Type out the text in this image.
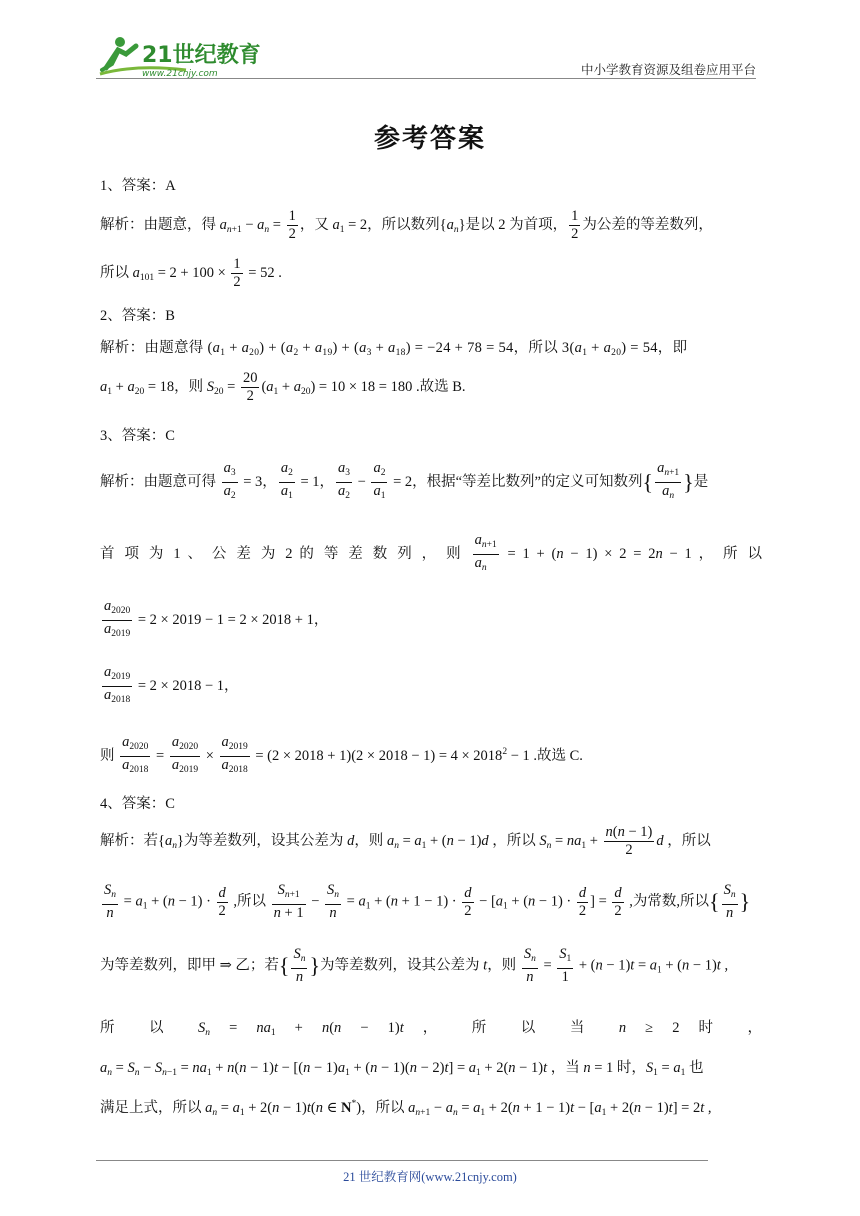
21世纪教育
www.21cnjy.com	中小学教育资源及组卷应用平台
参考答案
1、答案：A
解析：由题意，得 $a_{n+1} - a_n = \frac{1}{2}$ ，又 $a_1 = 2$，所以数列$\{a_n\}$是以 2 为首项， $\frac{1}{2}$ 为公差的等差数列，
所以 $a_{101} = 2 + 100 \times \frac{1}{2} = 52$ .
2、答案：B
解析：由题意得 $(a_1 + a_{20}) + (a_2 + a_{19}) + (a_3 + a_{18}) = -24 + 78 = 54$，所以 $3(a_1 + a_{20}) = 54$，即
$a_1 + a_{20} = 18$，则 $S_{20} = \frac{20}{2} (a_1 + a_{20}) = 10 \times 18 = 180$ .故选 B.
3、答案：C
解析：由题意可得 $\frac{a_3}{a_2} = 3$， $\frac{a_2}{a_1} = 1$， $\frac{a_3}{a_2} - \frac{a_2}{a_1} = 2$，根据“等差比数列”的定义可知数列{ $\frac{a_{n+1}}{a_n}$ }是
首 项 为 1 、 公 差 为 2 的 等 差 数 列 ， 则 $\frac{a_{n+1}}{a_n} = 1 + (n - 1) \times 2 = 2n - 1$ ， 所 以
$\frac{a_{2020}}{a_{2019}} = 2 \times 2019 - 1 = 2 \times 2018 + 1$，
$\frac{a_{2019}}{a_{2018}} = 2 \times 2018 - 1$，
则 $\frac{a_{2020}}{a_{2018}} = \frac{a_{2020}}{a_{2019}} \times \frac{a_{2019}}{a_{2018}} = (2 \times 2018 + 1)(2 \times 2018 - 1) = 4 \times 2018^2 - 1$ .故选 C.
4、答案：C
解析：若$\{a_n\}$为等差数列，设其公差为 d，则 $a_n = a_1 + (n - 1)d$ ，所以 $S_n = na_1 + \frac{n(n - 1)}{2}$ d ，所以
$\frac{S_n}{n} = a_1 + (n - 1) \cdot \frac{d}{2}$ ,所以 $\frac{S_{n+1}}{n + 1} - \frac{S_n}{n} = a_1 + (n + 1 - 1) \cdot \frac{d}{2} - [a_1 + (n - 1) \cdot \frac{d}{2}$ ] = $\frac{d}{2}$ ,为常数,所以{ $\frac{S_n}{n}$ }
为等差数列，即甲 ⇒ 乙；若{ $\frac{S_n}{n}$ }为等差数列，设其公差为 t，则 $\frac{S_n}{n} = \frac{S_1}{1} + (n - 1)t = a_1 + (n - 1)t$ ,
所 以 $S_n = na_1 + n(n - 1)t$ ， 所 以 当 n ≥ 2 时 ，
$a_n = S_n - S_{n-1} = na_1 + n(n - 1)t - [(n - 1)a_1 + (n - 1)(n - 2)t] = a_1 + 2(n - 1)t$ ，当 n = 1 时，$S_1 = a_1$ 也
满足上式，所以 $a_n = a_1 + 2(n - 1)t(n$ ∈ N*)，所以 $a_{n+1} - a_n = a_1 + 2(n + 1 - 1)t - [a_1 + 2(n - 1)t] = 2t$ ,
21 世纪教育网(www.21cnjy.com)
